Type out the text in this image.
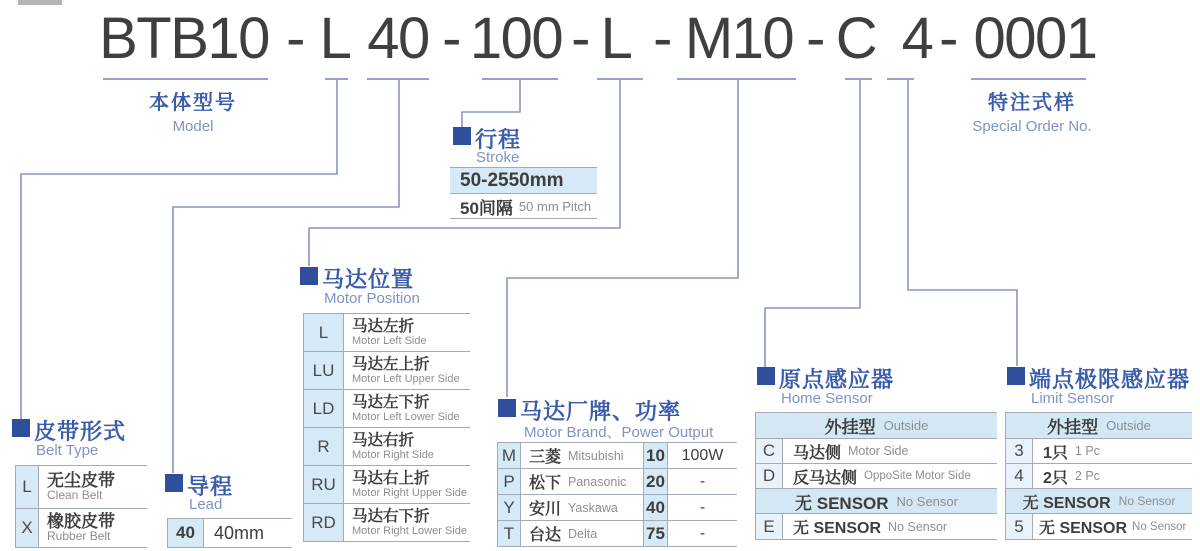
BTB10 - L 40 - 100 - L - M10 - C 4 - 0001
本体型号
Model
特注式样
Special Order No.
行程
Stroke
50-2550mm
50间隔 50 mm Pitch
马达位置
Motor Position
L	马达左折
Motor Left Side
LU	马达左上折
Motor Left Upper Side
LD	马达左下折
Motor Left Lower Side
R	马达右折
Motor Right Side
RU	马达右上折
Motor Right Upper Side
RD	马达右下折
Motor Right Lower Side
皮带形式
Belt Type
L 无尘皮带
Clean Belt
X 橡胶皮带
Rubber Belt
导程
Lead
40	40mm
马达厂牌、功率
Motor Brand、Power Output
M 三菱 Mitsubishi 10	100W
P 松下 Panasonic 20	-
Y 安川 Yaskawa 40	-
T 台达 Delta	75	-
原点感应器
Home Sensor
外挂型 Outside
C	马达侧 Motor Side
D	反马达侧 OppoSite Motor Side
无 SENSOR No Sensor
E	无 SENSOR No Sensor
端点极限感应器
Limit Sensor
外挂型 Outside
3	1只 1 Pc
4	2只 2 Pc
无 SENSOR No Sensor
5 无 SENSOR No Sensor
